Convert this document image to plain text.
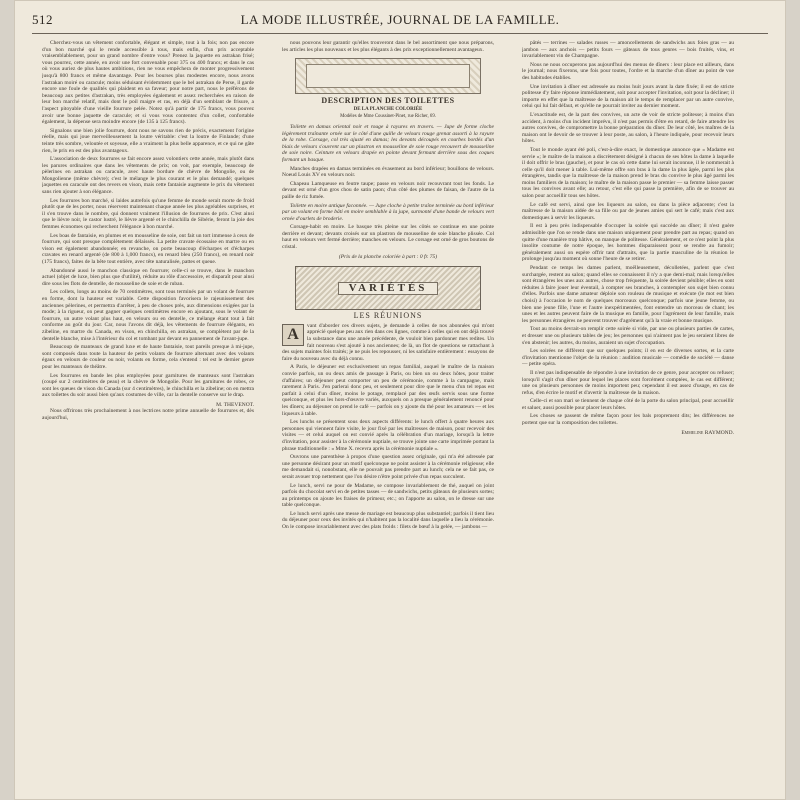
512	LA MODE ILLUSTRÉE, JOURNAL DE LA FAMILLE.

Cherchez-vous un vêtement confortable, élégant et simple, tout à la fois; non pas encore d'un bon marché qui le rende accessible à tous, mais enfin, d'un prix acceptable vraisemblablement, pour un grand nombre d'entre vous? Prenez la jaquette en astrakan frisé; vous pourrez, cette année, en avoir une fort convenable pour 375 ou 400 francs; et dans le cas où vous auriez de plus hautes ambitions, rien ne vous empêchera de monter progressivement jusqu'à 800 francs et même davantage. Pour les bourses plus modestes encore, nous avons l'astrakan moiré ou caracule; moins séduisant évidemment que le bel astrakan de Perse, il garde encore une foule de qualités qui plaident en sa faveur; pour notre part, nous le préférons de beaucoup aux petites d'astrakan, très employées également et assez recherchées en raison de leur bon marché relatif, mais dont le poil maigre et ras, en déjà d'un semblant de frisure, a l'aspect pitoyable d'une vieille fourrure pelée. Notez qu'à partir de 175 francs, vous pouvez avoir une bonne jaquette de caracule; et si vous vous contentez d'un collet, confortable également, la dépense sera moindre encore (de 135 à 125 francs).

Signalons une bien jolie fourrure, dont nous ne savons rien de précis, exactement l'origine réelle, mais qui joue merveilleusement la loutre véritable: c'est la loutre de Finlande; d'une teinte très sombre, veloutée et soyeuse, elle a vraiment la plus belle apparence, et ce qui ne gâte rien, le prix en est des plus avantageux.

L'association de deux fourrures se fait encore assez volontiers cette année, mais plutôt dans les parures ordinaires que dans les vêtements de prix; on voit, par exemple, beaucoup de pèlerines en astrakan ou caracule, avec haute bordure de chèvre de Mongolie, ou de Mongolienne (même chèvre); c'est le mélange le plus courant et le plus demandé; quelques jaquettes en caracule ont des revers en vison, mais cette fantaisie augmente le prix du vêtement sans rien ajouter à son élégance.

Les fourrures bon marché, si laides autrefois qu'une femme de monde serait morte de froid plutôt que de les porter, nous réservent maintenant chaque année les plus agréables surprises, et il s'en trouve dans le nombre, qui donnent vraiment l'illusion de fourrures de prix. C'est ainsi que le lièvre noir, le castor lustré, le lièvre argenté et le chinchilla de Sibérie, feront la joie des femmes économes qui recherchent l'élégance à bon marché.

Les boas de fantaisie, en plumes et en mousseline de soie, ont fait un tort immense à ceux de fourrure, qui sont presque complètement délaissés. La petite cravate écossaise en martre ou en vison est également abandonnée; en revanche, on porte beaucoup d'écharpes et d'écharpes cravates en renard argenté (de 800 à 1,000 francs), en renard bleu (250 francs), en renard noir (175 francs), faites de la bête tout entière, avec tête naturalisée, pattes et queue.

Abandonné aussi le manchon classique en fourrure; celle-ci se trouve, dans le manchon actuel (objet de luxe, bien plus que d'utilité), réduite au rôle d'accessoire, et disparaît pour ainsi dire sous les flots de dentelle, de mousseline de soie et de ruban.

Les collets, longs au moins de 70 centimètres, sont tous terminés par un volant de fourrure en forme, dont la hauteur est variable. Cette disposition favorisera le rajeunissement des anciennes pèlerines, et permettra d'arrêter, à peu de choses près, aux dimensions exigées par la mode; à la rigueur, on peut gagner quelques centimètres encore en ajoutant, sous le volant de fourrure, un autre volant plus haut, en velours ou en dentelle, ce mélange étant tout à fait conforme au goût du jour. Car, nous l'avons dit déjà, les vêtements de fourrure élégants, en zibeline, en martre du Canada, en vison, en chinchilla, en astrakan, se complètent par de la dentelle blanche, mise à l'intérieur du col et tombant par devant en pannement de l'avant-jupe.

Beaucoup de manteaux de grand luxe et de haute fantaisie, tout pareils presque à mi-jupe, sont composés dans toute la hauteur de petits volants de fourrure alternant avec des volants égaux en velours de couleur ou noir, volants en forme, cela s'entend : tel est le dernier genre pour les manteaux de théâtre.

Les fourrures en bande les plus employées pour garnitures de manteaux sont l'astrakan (coupé sur 2 centimètres de peau) et la chèvre de Mongolie. Pour les garnitures de robes, ce sont les queues de vison du Canada (sur 4 centimètres), le chinchilla et la zibeline; on en mettra aux toilettes du soir aussi bien qu'aux costumes de ville, car la dentelle conserve sur le drap.

M. THEVENOT.

Nous offrirons très prochainement à nos lectrices notre prime annuelle de fourrures et, dès aujourd'hui,

nous pouvons leur garantir qu'elles trouveront dans le bel assortiment que nous préparons, les articles les plus nouveaux et les plus élégants à des prix exceptionnellement avantageux.

DESCRIPTION DES TOILETTES
DE LA PLANCHE COLORIÉE
Modèles de Mme Coussinet-Pinet, rue Richer, 69.

Toilette en damas oriental noir et rouge à rayures en travers. — Jupe de forme cloche légèrement traînante ornée sur le côté d'une quille de velours rouge grenat assorti à la rayure de la robe. Corsage, col très ajusté en damas; les devants découpés en courbes bordés d'un biais de velours s'ouvrent sur un plastron en mousseline de soie rouge recouvert de mousseline de soie noire. Ceinture en velours drapée en pointe devant fermant derrière sous des coques formant un basque.

Manches drapées en damas terminées en évasement au bord inférieur; bouillons de velours. Noeud Louis XV en velours noir.

Chapeau Lamqueuse en feutre taupe; passe en velours noir recouvrant tout les fonds. Le devant est orné d'un gros chou de satin paon; d'un côté des plumes de faisan, de l'autre de la paille de riz fumée.

Toilette en moire antique faconnée. — Jupe cloche à petite traîne terminée au bord inférieur par un volant en forme bâti en moire semblable à la jupe, surmonté d'une bande de velours vert ornée d'ourlets de broderie.

Corsage-habit en moire. Le basque très pleine sur les côtés se continue en une pointe derrière et devant; devants croisés sur un plastron de mousseline de soie blanche plissée. Col haut en velours vert fermé derrière; manches en velours. Le corsage est orné de gros boutons de cristal.

(Prix de la planche coloriée à part : 0 fr. 75)
VARIÉTÉS
LES RÉUNIONS
A	vant d'aborder ces divers sujets, je demande à celles de nos abonnées qui m'ont apprécié quelque peu aux rien dans ces lignes, comme à celles qui en ont déjà trouvé la substance dans une année précédente, de vouloir bien pardonner mes redites. Un fait nouveau s'est ajouté à nos anciennes; de là, un flot de questions se rattachant à des sujets maintes fois traités; je ne puis les repousser, ni les satisfaire entièrement : essayons de faire du nouveau avec du déjà connu.

A Paris, le déjeuner est exclusivement un repas familial, auquel le maître de la maison convie parfois, un ou deux amis de passage à Paris, ou bien un ou deux hôtes, pour traiter d'affaires; un déjeuner peut comporter un peu de cérémonie, comme à la campagne, mais rarement à Paris. J'en parlerai donc peu, et seulement pour dire que le menu d'un tel repas est parfait à celui d'un dîner, moins le potage, remplacé par des œufs servis sous une forme quelconque, et plus les hors-d'œuvre variés, auxquels on a presque généralement renoncé pour les dîners; au déjeuner on prend le café — parfois on y ajoute du thé pour les amateurs — et les liqueurs à table.

Les lunchs se présentent sous deux aspects différents: le lunch offert à quatre heures aux personnes qui viennent faire visite, le jour fixé par les maîtresses de maison, pour recevoir des visites — et celui auquel on est convié après la célébration d'un mariage, lorsqu'à la lettre d'invitation, pour assister à la cérémonie nuptiale, se trouve jointe une carte imprimée portant la phrase traditionnelle : « Mme X. recevra après la cérémonie nuptiale ».

Ouvrons une parenthèse à propos d'une question assez originale, qui m'a été adressée par une personne désirant pour un motif quelconque ne point assister à la cérémonie religieuse; elle me demandait si, nonobstant, elle ne pouvait pas prendre part au lunch; cela ne se fait pas, ce serait avouer trop nettement que l'on désire n'être point privée d'un repas succulent.

Le lunch, servi ne pour de Madame, se compose invariablement de thé, auquel on joint parfois du chocolat servi en de petites tasses — de sandwichs, petits gâteaux de plusieurs sortes; au printemps on ajoute les fraises de primeur, etc.; on l'apporte au salon, on le dresse sur une table quelconque.

Le lunch servi après une messe de mariage est beaucoup plus substantiel; parfois il tient lieu du déjeuner pour ceux des invités qui n'habitent pas la localité dans laquelle a lieu la cérémonie. On le compose invariablement avec des plats froids : filets de bœuf à la gelée, — jambons —

pâtés — terrines — salades russes — amoncellements de sandwichs aux foies gras — au jambon — aux anchois — petits fours — gâteaux de tous genres — bois fruités, vins, et invariablement vin de Champagne.

Nous ne nous occuperons pas aujourd'hui des menus de dîners : leur place est ailleurs, dans le journal; nous fixerons, une fois pour toutes, l'ordre et la marche d'un dîner au point de vue des habitudes établies.

Une invitation à dîner est adressée au moins huit jours avant la date fixée; il est de stricte politesse d'y faire réponse immédiatement, soit pour accepter l'invitation, soit pour la décliner; il importe en effet que la maîtresse de la maison ait le temps de remplacer par un autre convive, celui qui lui fait défaut, et qu'elle ne pourrait inviter au dernier moment.

L'exactitude est, de la part des convives, un acte de voir de stricte politesse; à moins d'un accident, à moins d'un incident imprévu, il n'est pas permis d'être en retard, de faire attendre les autres convives, de compromettre la bonne préparation du dîner. De leur côté, les maîtres de la maison ont le devoir de se trouver à leur poste, au salon, à l'heure indiquée, pour recevoir leurs hôtes.

Tout le monde ayant été poli, c'est-à-dire exact, le domestique annonce que « Madame est servie »; le maître de la maison a discrètement désigné à chacun de ses hôtes la dame à laquelle il doit offrir le bras (gauche), et pour le cas où cette dame lui serait inconnue, il le nommerait à celle qu'il doit mener à table. Lui-même offre son bras à la dame la plus âgée, parmi les plus étrangères, tandis que la maîtresse de la maison prend le bras du convive le plus âgé parmi les moins familiers de la maison; le maître de la maison passe le premier — sa femme laisse passer tous les convives avant elle; au retour, c'est elle qui passe la première, afin de se trouver au salon pour accueillir tous ses hôtes.

Le café est servi, ainsi que les liqueurs au salon, ou dans la pièce adjacente; c'est la maîtresse de la maison aidée de sa fille ou par de jeunes amies qui sert le café; mais c'est aux domestiques à servir les liqueurs.

Il est à peu près indispensable d'occuper la soirée qui succède au dîner; il n'est guère admissible que l'on se rende dans une maison uniquement pour prendre part au repas; quand on quitte d'une manière trop hâtive, on manque de politesse. Généralement, et ce n'est point la plus insolite coutume de notre époque, les hommes disparaissent pour se rendre au fumoir; généralement aussi on espère offrir tant d'attraits, que la partie masculine de la réunion le prolonge jusqu'au moment où sonne l'heure de se retirer.

Pendant ce temps les dames parlent, moëlleusement, décolletées, parlent que c'est surchargée, restent au salon; quand elles se connaissent il n'y a que demi-mal; mais lorsqu'elles sont étrangères les unes aux autres, chose trop fréquente, la soirée devient pénible; elles en sont réduites à faire jouer leur éventail, à compter ses branches, à contempler son sujet bien connu d'elles. Parfois une dame amateur déploie son rouleau de musique et exécute (le mot est bien choisi) à l'occasion le nom de quelques morceaux quelconque; parfois une jeune femme, ou bien une jeune fille, l'une et l'autre inexpérimentées, font entendre un morceau de chant; les unes et les autres peuvent faire de la musique en famille, pour l'agrément de leur famille, mais les personnes étrangères ne peuvent trouver d'agrément qu'à la vraie et bonne musique.

Tout au moins devrait-on remplir cette soirée si vide, par une ou plusieurs parties de cartes, et dresser une ou plusieurs tables de jeu; les personnes qui n'aiment pas le jeu seraient libres de s'en abstenir; les autres, du moins, auraient un sujet d'occupation.

Les soirées ne diffèrent que sur quelques points; il en est de diverses sortes, et la carte d'invitation mentionne l'objet de la réunion : audition musicale — comédie de société — danse — petite opéra.

Il n'est pas indispensable de répondre à une invitation de ce genre, pour accepter ou refuser; lorsqu'il s'agit d'un dîner pour lequel les places sont forcément comptées, le cas est différent; une ou plusieurs personnes de moins importent peu; cependant il est assez d'usage, en cas de refus, d'en écrire le motif et d'avertir la maîtresse de la maison.

Celle-ci et son mari se tiennent de chaque côté de la porte du salon principal, pour accueillir et saluer, aussi possible pour placer leurs hôtes.

Les choses se passent de même façon pour les bals proprement dits; les différences ne portent que sur la composition des toilettes.

Emmeline RAYMOND.
